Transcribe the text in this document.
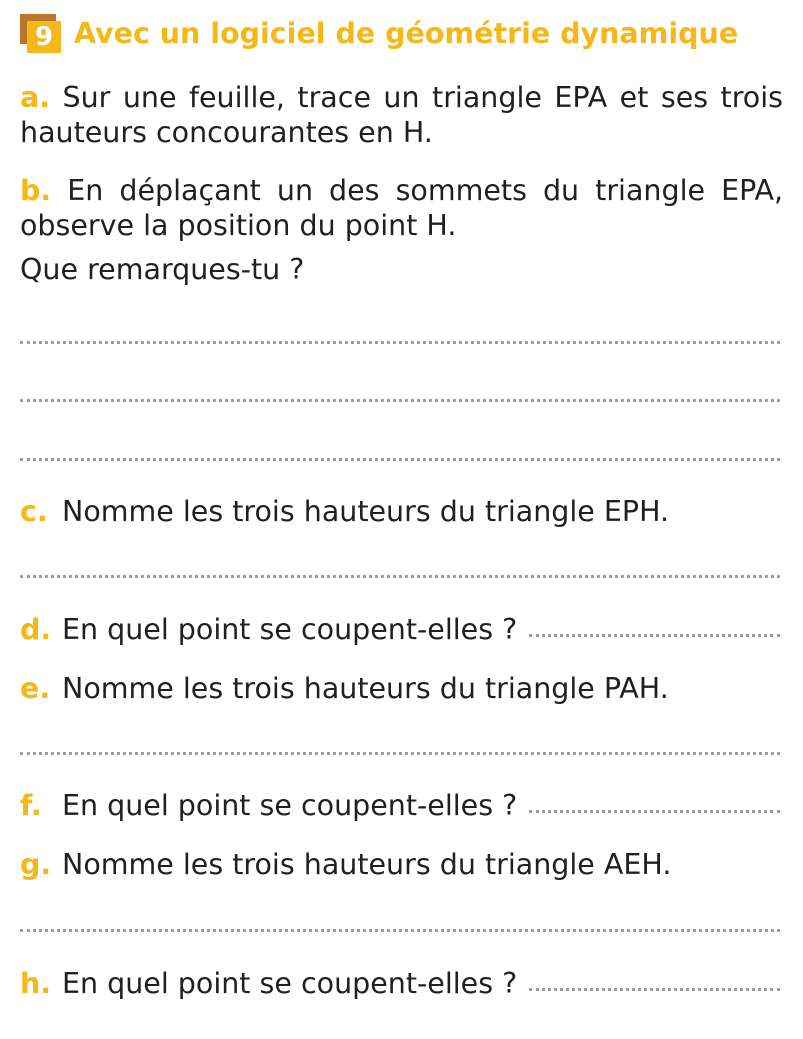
9 Avec un logiciel de géométrie dynamique
a. Sur une feuille, trace un triangle EPA et ses trois hauteurs concourantes en H.
b. En déplaçant un des sommets du triangle EPA, observe la position du point H.
Que remarques-tu ?
c. Nomme les trois hauteurs du triangle EPH.
d. En quel point se coupent-elles ?
e. Nomme les trois hauteurs du triangle PAH.
f. En quel point se coupent-elles ?
g. Nomme les trois hauteurs du triangle AEH.
h. En quel point se coupent-elles ?
